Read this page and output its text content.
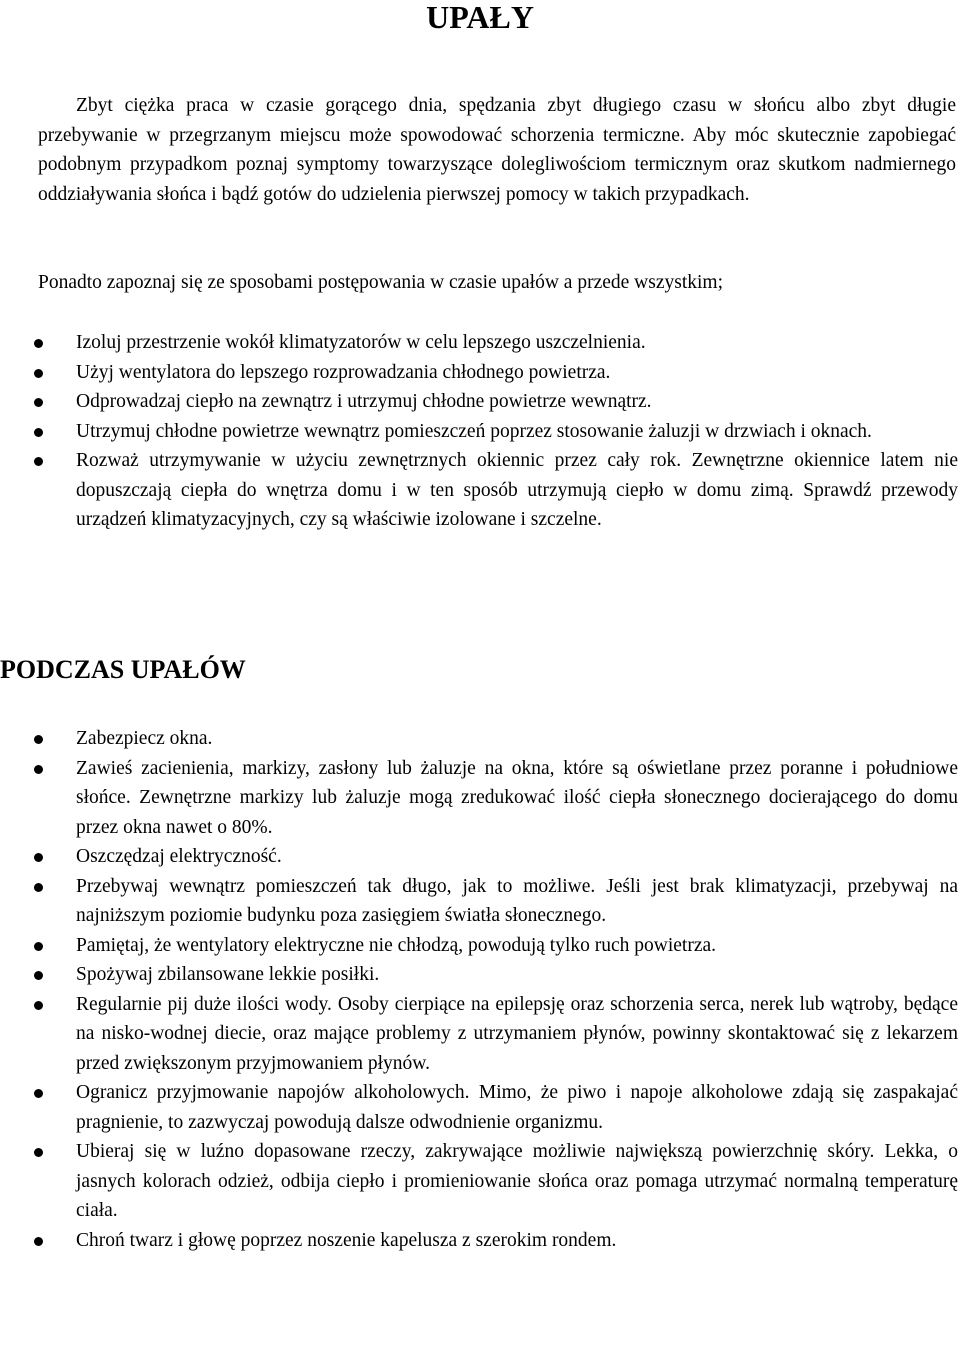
UPAŁY

Zbyt ciężka praca w czasie gorącego dnia, spędzania zbyt długiego czasu w słońcu albo zbyt długie przebywanie w przegrzanym miejscu może spowodować schorzenia termiczne. Aby móc skutecznie zapobiegać podobnym przypadkom poznaj symptomy towarzyszące dolegliwościom termicznym oraz skutkom nadmiernego oddziaływania słońca i bądź gotów do udzielenia pierwszej pomocy w takich przypadkach.

Ponadto zapoznaj się ze sposobami postępowania w czasie upałów a przede wszystkim;

Izoluj przestrzenie wokół klimatyzatorów w celu lepszego uszczelnienia.
Użyj wentylatora do lepszego rozprowadzania chłodnego powietrza.
Odprowadzaj ciepło na zewnątrz i utrzymuj chłodne powietrze wewnątrz.
Utrzymuj chłodne powietrze wewnątrz pomieszczeń poprzez stosowanie żaluzji w drzwiach i oknach.
Rozważ utrzymywanie w użyciu zewnętrznych okiennic przez cały rok. Zewnętrzne okiennice latem nie dopuszczają ciepła do wnętrza domu i w ten sposób utrzymują ciepło w domu zimą. Sprawdź przewody urządzeń klimatyzacyjnych, czy są właściwie izolowane i szczelne.
PODCZAS UPAŁÓW
Zabezpiecz okna.
Zawieś zacienienia, markizy, zasłony lub żaluzje na okna, które są oświetlane przez poranne i południowe słońce. Zewnętrzne markizy lub żaluzje mogą zredukować ilość ciepła słonecznego docierającego do domu przez okna nawet o 80%.
Oszczędzaj elektryczność.
Przebywaj wewnątrz pomieszczeń tak długo, jak to możliwe. Jeśli jest brak klimatyzacji, przebywaj na najniższym poziomie budynku poza zasięgiem światła słonecznego.
Pamiętaj, że wentylatory elektryczne nie chłodzą, powodują tylko ruch powietrza.
Spożywaj zbilansowane lekkie posiłki.
Regularnie pij duże ilości wody. Osoby cierpiące na epilepsję oraz schorzenia serca, nerek lub wątroby, będące na nisko-wodnej diecie, oraz mające problemy z utrzymaniem płynów, powinny skontaktować się z lekarzem przed zwiększonym przyjmowaniem płynów.
Ogranicz przyjmowanie napojów alkoholowych. Mimo, że piwo i napoje alkoholowe zdają się zaspakajać pragnienie, to zazwyczaj powodują dalsze odwodnienie organizmu.
Ubieraj się w luźno dopasowane rzeczy, zakrywające możliwie największą powierzchnię skóry. Lekka, o jasnych kolorach odzież, odbija ciepło i promieniowanie słońca oraz pomaga utrzymać normalną temperaturę ciała.
Chroń twarz i głowę poprzez noszenie kapelusza z szerokim rondem.
